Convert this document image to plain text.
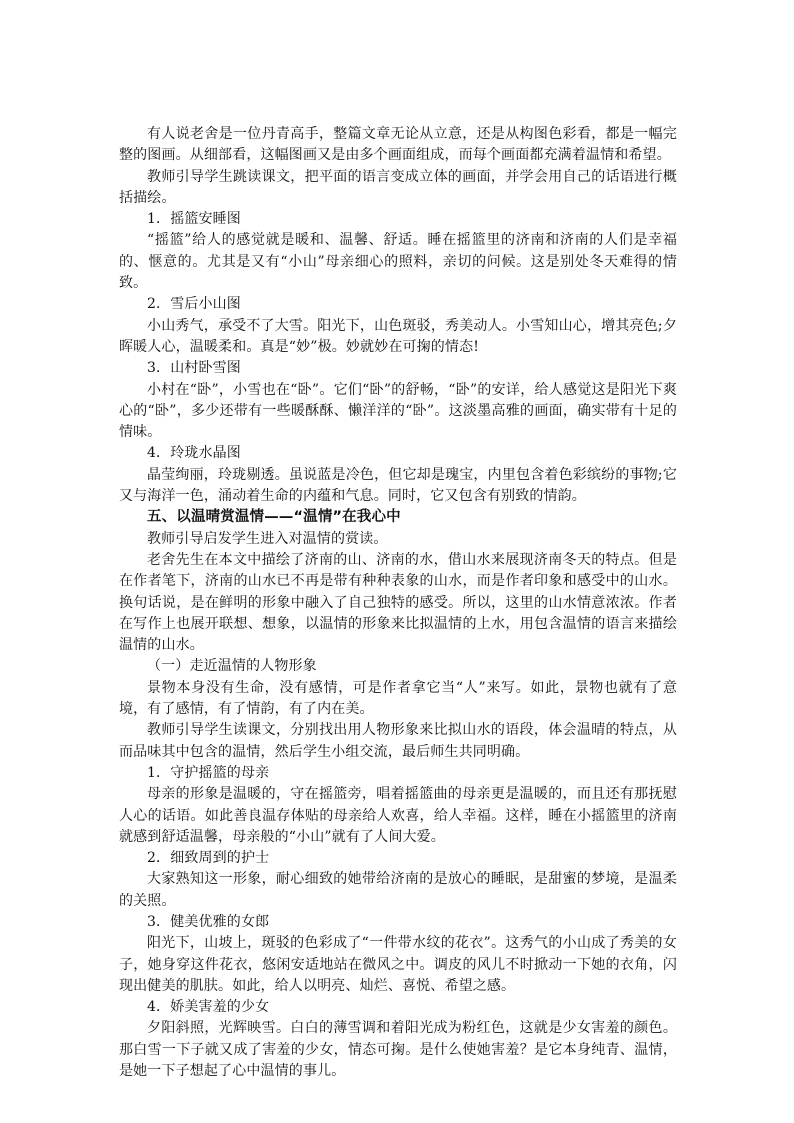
有人说老舍是一位丹青高手，整篇文章无论从立意，还是从构图色彩看，都是一幅完整的图画。从细部看，这幅图画又是由多个画面组成，而每个画面都充满着温情和希望。

教师引导学生跳读课文，把平面的语言变成立体的画面，并学会用自己的话语进行概括描绘。

1．摇篮安睡图

“摇篮”给人的感觉就是暖和、温馨、舒适。睡在摇篮里的济南和济南的人们是幸福的、惬意的。尤其是又有“小山”母亲细心的照料，亲切的问候。这是别处冬天难得的情致。

2．雪后小山图

小山秀气，承受不了大雪。阳光下，山色斑驳，秀美动人。小雪知山心，增其亮色;夕晖暖人心，温暖柔和。真是“妙”极。妙就妙在可掬的情态!

3．山村卧雪图

小村在“卧”，小雪也在“卧”。它们“卧”的舒畅，“卧”的安详，给人感觉这是阳光下爽心的“卧”，多少还带有一些暖酥酥、懒洋洋的“卧”。这淡墨高雅的画面，确实带有十足的情味。

4．玲珑水晶图

晶莹绚丽，玲珑剔透。虽说蓝是冷色，但它却是瑰宝，内里包含着色彩缤纷的事物;它又与海洋一色，涌动着生命的内蕴和气息。同时，它又包含有别致的情韵。

五、以温晴赏温情——“温情”在我心中

教师引导启发学生进入对温情的赏读。

老舍先生在本文中描绘了济南的山、济南的水，借山水来展现济南冬天的特点。但是在作者笔下，济南的山水已不再是带有种种表象的山水，而是作者印象和感受中的山水。换句话说，是在鲜明的形象中融入了自己独特的感受。所以，这里的山水情意浓浓。作者在写作上也展开联想、想象，以温情的形象来比拟温情的上水，用包含温情的语言来描绘温情的山水。

（一）走近温情的人物形象

景物本身没有生命，没有感情，可是作者拿它当“人”来写。如此，景物也就有了意境，有了感情，有了情韵，有了内在美。

教师引导学生读课文，分别找出用人物形象来比拟山水的语段，体会温晴的特点，从而品味其中包含的温情，然后学生小组交流，最后师生共同明确。

1．守护摇篮的母亲

母亲的形象是温暖的，守在摇篮旁，唱着摇篮曲的母亲更是温暖的，而且还有那抚慰人心的话语。如此善良温存体贴的母亲给人欢喜，给人幸福。这样，睡在小摇篮里的济南就感到舒适温馨，母亲般的“小山”就有了人间大爱。

2．细致周到的护士

大家熟知这一形象，耐心细致的她带给济南的是放心的睡眠，是甜蜜的梦境，是温柔的关照。

3．健美优雅的女郎

阳光下，山坡上，斑驳的色彩成了“一件带水纹的花衣”。这秀气的小山成了秀美的女子，她身穿这件花衣，悠闲安适地站在微风之中。调皮的风儿不时掀动一下她的衣角，闪现出健美的肌肤。如此，给人以明亮、灿烂、喜悦、希望之感。

4．娇美害羞的少女

夕阳斜照，光辉映雪。白白的薄雪调和着阳光成为粉红色，这就是少女害羞的颜色。那白雪一下子就又成了害羞的少女，情态可掬。是什么使她害羞？是它本身纯青、温情，是她一下子想起了心中温情的事儿。
